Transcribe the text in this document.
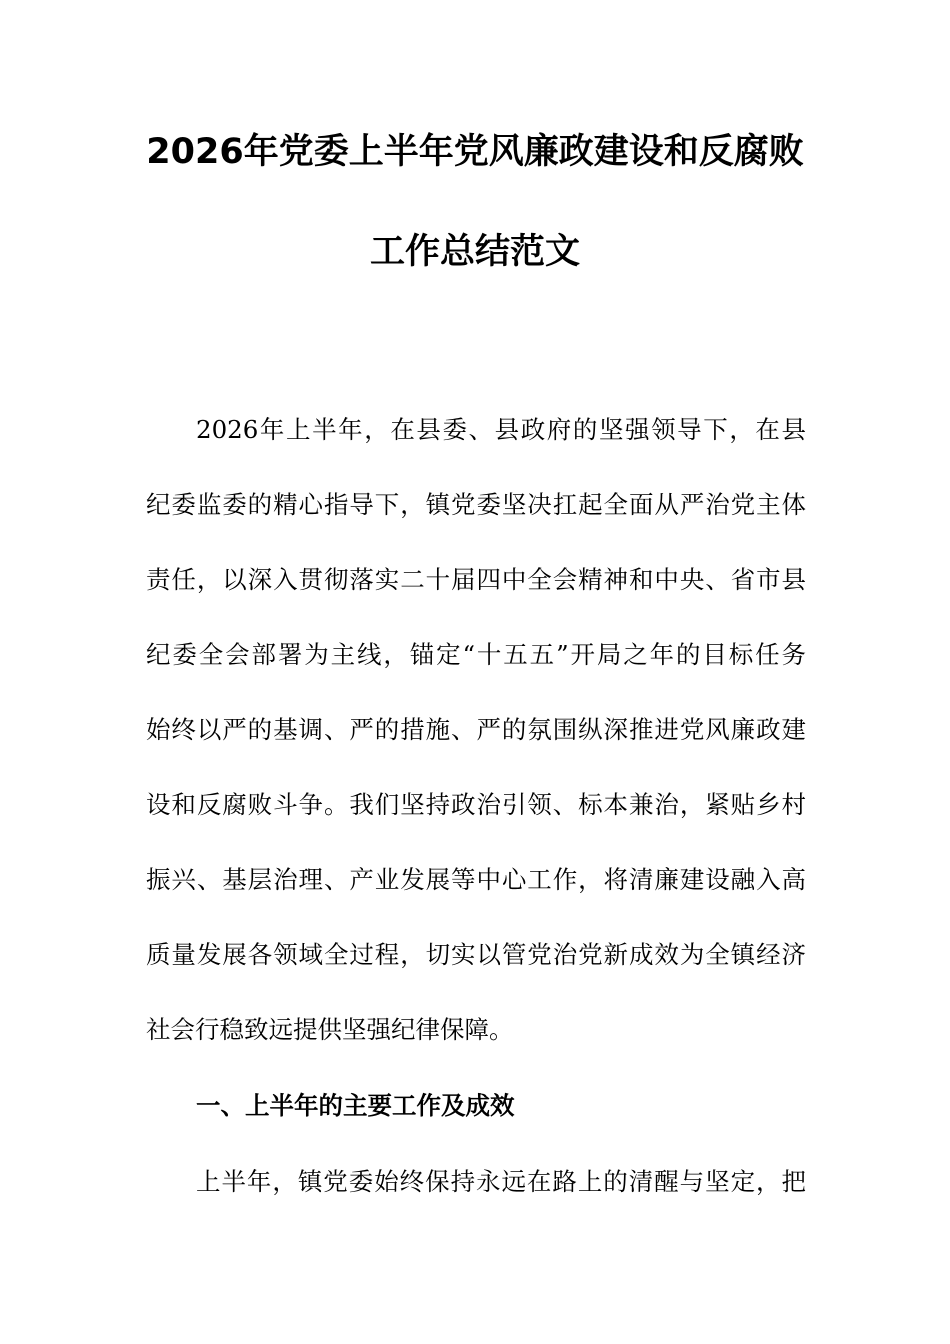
2026年党委上半年党风廉政建设和反腐败
工作总结范文
2026年上半年，在县委、县政府的坚强领导下，在县
纪委监委的精心指导下，镇党委坚决扛起全面从严治党主体
责任，以深入贯彻落实二十届四中全会精神和中央、省市县
纪委全会部署为主线，锚定“十五五”开局之年的目标任务
始终以严的基调、严的措施、严的氛围纵深推进党风廉政建
设和反腐败斗争。我们坚持政治引领、标本兼治，紧贴乡村
振兴、基层治理、产业发展等中心工作，将清廉建设融入高
质量发展各领域全过程，切实以管党治党新成效为全镇经济
社会行稳致远提供坚强纪律保障。
一、上半年的主要工作及成效
上半年，镇党委始终保持永远在路上的清醒与坚定，把
